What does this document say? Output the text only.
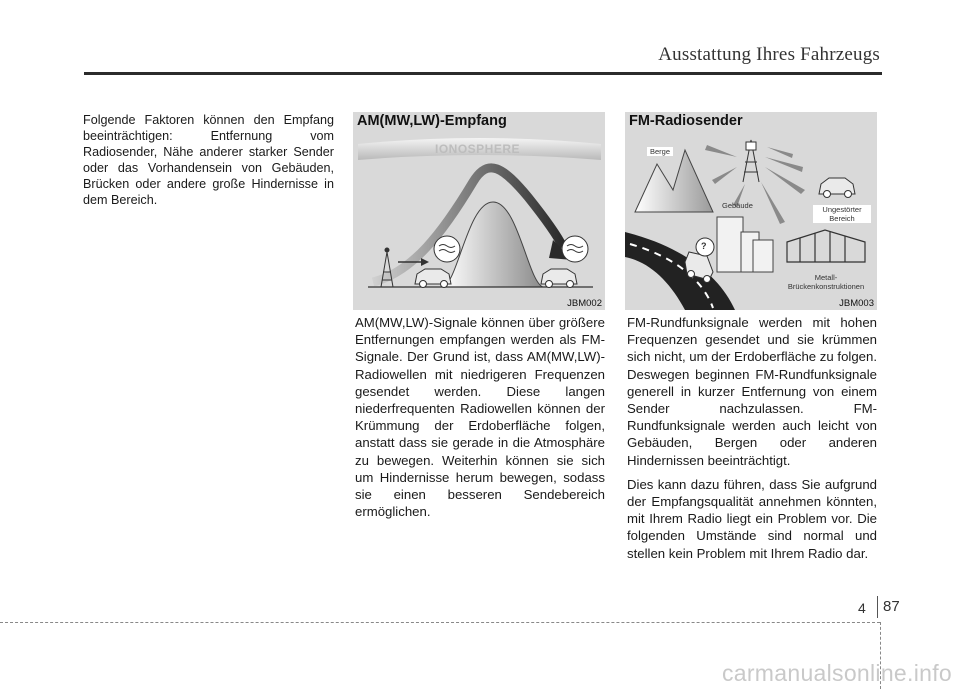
Ausstattung Ihres Fahrzeugs

Folgende Faktoren können den Empfang beeinträchtigen: Entfernung vom Radiosender, Nähe anderer starker Sender oder das Vorhandensein von Gebäuden, Brücken oder andere große Hindernisse in dem Bereich.

AM(MW,LW)-Empfang
IONOSPHERE
JBM002

AM(MW,LW)-Signale können über größere Entfernungen empfangen werden als FM-Signale. Der Grund ist, dass AM(MW,LW)-Radiowellen mit niedrigeren Frequenzen gesendet werden. Diese langen niederfrequenten Radiowellen können der Krümmung der Erdoberfläche folgen, anstatt dass sie gerade in die Atmosphäre zu bewegen. Weiterhin können sie sich um Hindernisse herum bewegen, sodass sie einen besseren Sendebereich ermöglichen.

FM-Radiosender
Berge
Gebäude	Ungestörter
Bereich
Metall-
Brückenkonstruktionen
?
JBM003

FM-Rundfunksignale werden mit hohen Frequenzen gesendet und sie krümmen sich nicht, um der Erdoberfläche zu folgen. Deswegen beginnen FM-Rundfunksignale generell in kurzer Entfernung von einem Sender nachzulassen. FM-Rundfunksignale werden auch leicht von Gebäuden, Bergen oder anderen Hindernissen beeinträchtigt.

Dies kann dazu führen, dass Sie aufgrund der Empfangsqualität annehmen könnten, mit Ihrem Radio liegt ein Problem vor. Die folgenden Umstände sind normal und stellen kein Problem mit Ihrem Radio dar.

4 87
carmanualsonline.info
